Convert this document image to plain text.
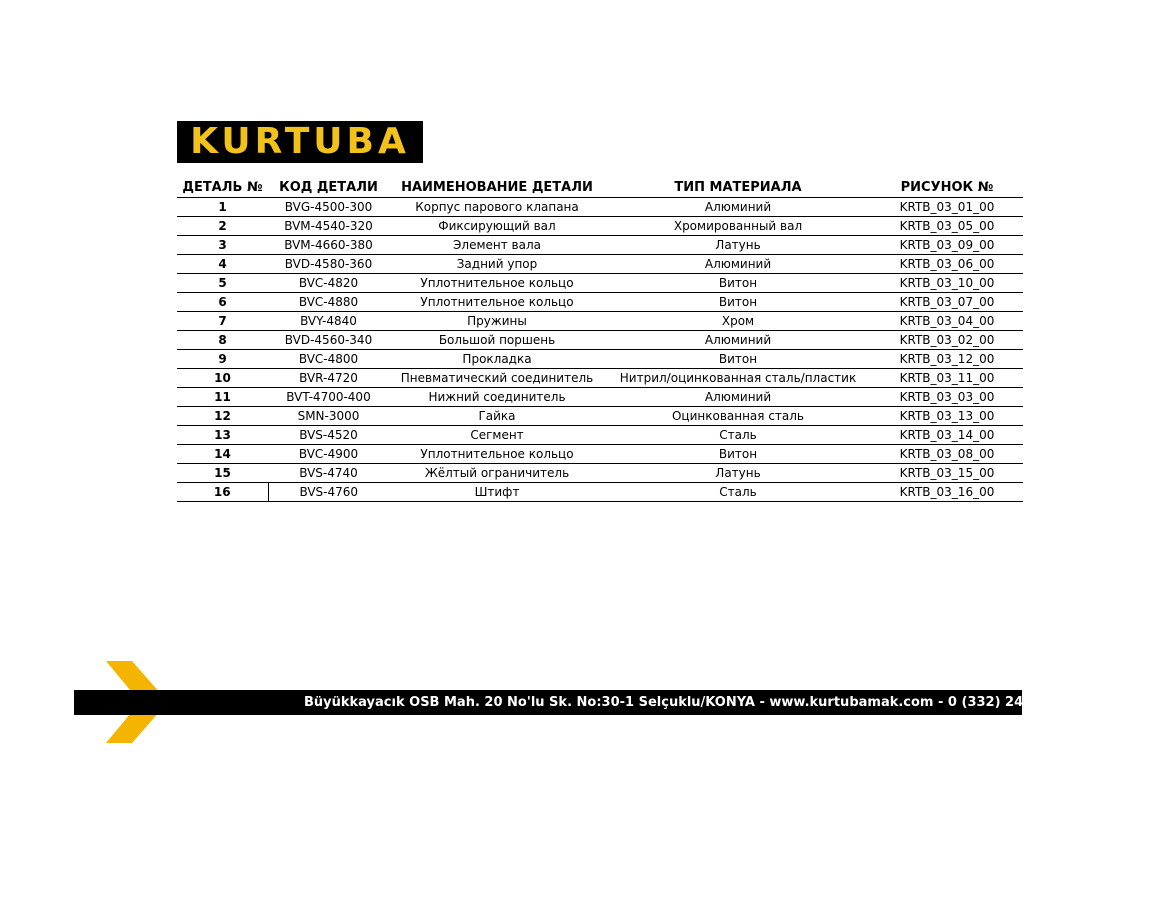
KURTUBA
ДЕТАЛЬ №	КОД ДЕТАЛИ	НАИМЕНОВАНИЕ ДЕТАЛИ	ТИП МАТЕРИАЛА	РИСУНОК №
1	BVG-4500-300	Корпус парового клапана	Алюминий	KRTB_03_01_00
2	BVM-4540-320	Фиксирующий вал	Хромированный вал	KRTB_03_05_00
3	BVM-4660-380	Элемент вала	Латунь	KRTB_03_09_00
4	BVD-4580-360	Задний упор	Алюминий	KRTB_03_06_00
5	BVC-4820	Уплотнительное кольцо	Витон	KRTB_03_10_00
6	BVC-4880	Уплотнительное кольцо	Витон	KRTB_03_07_00
7	BVY-4840	Пружины	Хром	KRTB_03_04_00
8	BVD-4560-340	Большой поршень	Алюминий	KRTB_03_02_00
9	BVC-4800	Прокладка	Витон	KRTB_03_12_00
10	BVR-4720	Пневматический соединитель	Нитрил/оцинкованная сталь/пластик	KRTB_03_11_00
11	BVT-4700-400	Нижний соединитель	Алюминий	KRTB_03_03_00
12	SMN-3000	Гайка	Оцинкованная сталь	KRTB_03_13_00
13	BVS-4520	Сегмент	Сталь	KRTB_03_14_00
14	BVC-4900	Уплотнительное кольцо	Витон	KRTB_03_08_00
15	BVS-4740	Жёлтый ограничитель	Латунь	KRTB_03_15_00
16	BVS-4760	Штифт	Сталь	KRTB_03_16_00
Büyükkayacık OSB Mah. 20 No'lu Sk. No:30-1 Selçuklu/KONYA - www.kurtubamak.com - 0 (332) 248 80 42
